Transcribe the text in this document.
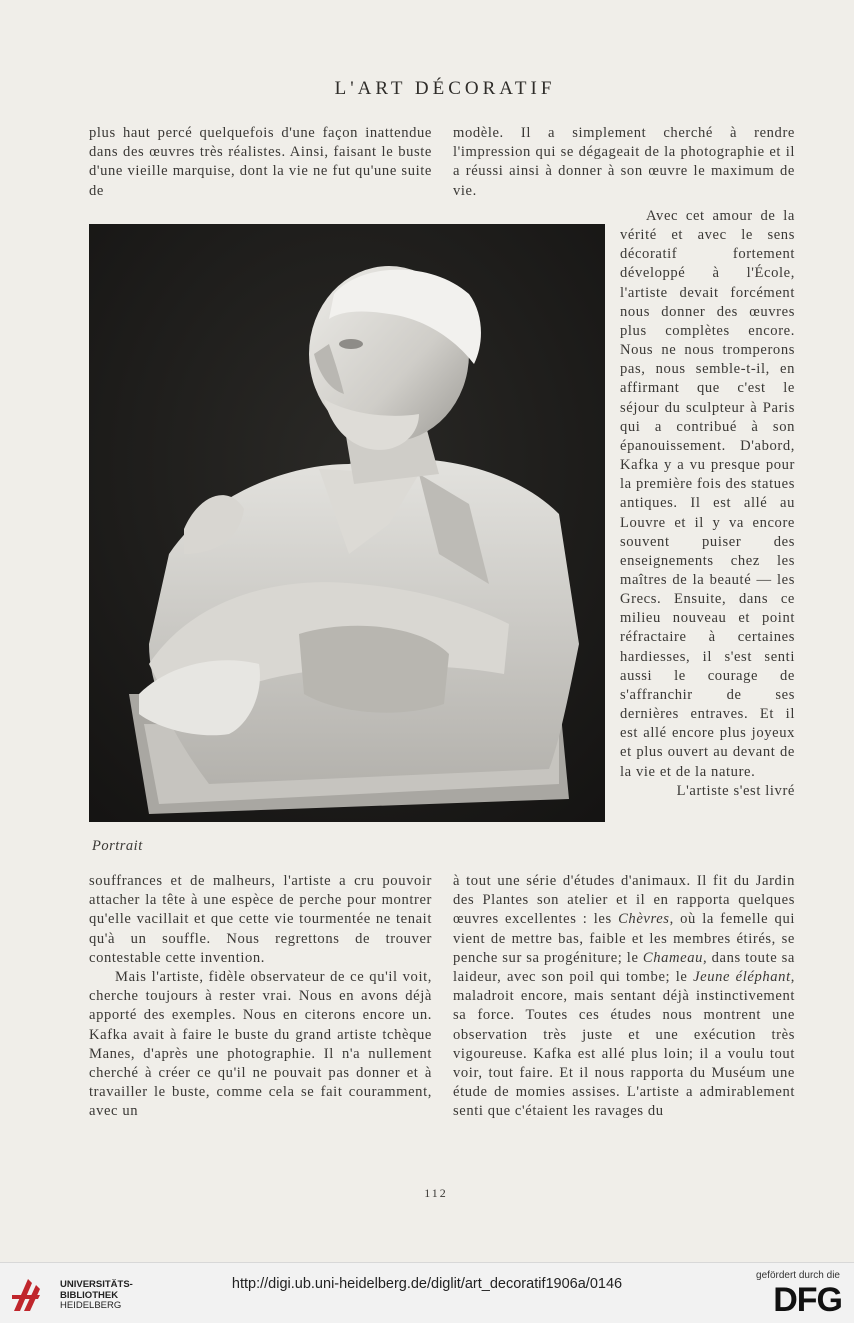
L'ART DÉCORATIF

plus haut percé quelquefois d'une façon inattendue dans des œuvres très réalistes. Ainsi, faisant le buste d'une vieille marquise, dont la vie ne fut qu'une suite de

modèle. Il a simplement cherché à rendre l'impression qui se dégageait de la photographie et il a réussi ainsi à donner à son œuvre le maximum de vie.

Portrait

Avec cet amour de la vérité et avec le sens décoratif fortement développé à l'École, l'artiste devait forcément nous donner des œuvres plus complètes encore. Nous ne nous tromperons pas, nous semble-t-il, en affirmant que c'est le séjour du sculpteur à Paris qui a contribué à son épanouissement. D'abord, Kafka y a vu presque pour la première fois des statues antiques. Il est allé au Louvre et il y va encore souvent puiser des enseignements chez les maîtres de la beauté — les Grecs. Ensuite, dans ce milieu nouveau et point réfractaire à certaines hardiesses, il s'est senti aussi le courage de s'affranchir de ses dernières entraves. Et il est allé encore plus joyeux et plus ouvert au devant de la vie et de la nature.

L'artiste s'est livré

souffrances et de malheurs, l'artiste a cru pouvoir attacher la tête à une espèce de perche pour montrer qu'elle vacillait et que cette vie tourmentée ne tenait qu'à un souffle. Nous regrettons de trouver contestable cette invention.

Mais l'artiste, fidèle observateur de ce qu'il voit, cherche toujours à rester vrai. Nous en avons déjà apporté des exemples. Nous en citerons encore un. Kafka avait à faire le buste du grand artiste tchèque Manes, d'après une photographie. Il n'a nullement cherché à créer ce qu'il ne pouvait pas donner et à travailler le buste, comme cela se fait couramment, avec un

à tout une série d'études d'animaux. Il fit du Jardin des Plantes son atelier et il en rapporta quelques œuvres excellentes : les Chèvres, où la femelle qui vient de mettre bas, faible et les membres étirés, se penche sur sa progéniture; le Chameau, dans toute sa laideur, avec son poil qui tombe; le Jeune éléphant, maladroit encore, mais sentant déjà instinctivement sa force. Toutes ces études nous montrent une observation très juste et une exécution très vigoureuse. Kafka est allé plus loin; il a voulu tout voir, tout faire. Et il nous rapporta du Muséum une étude de momies assises. L'artiste a admirablement senti que c'étaient les ravages du

112
UNIVERSITÄTS-
BIBLIOTHEK
HEIDELBERG
http://digi.ub.uni-heidelberg.de/diglit/art_decoratif1906a/0146
gefördert durch die
DFG
